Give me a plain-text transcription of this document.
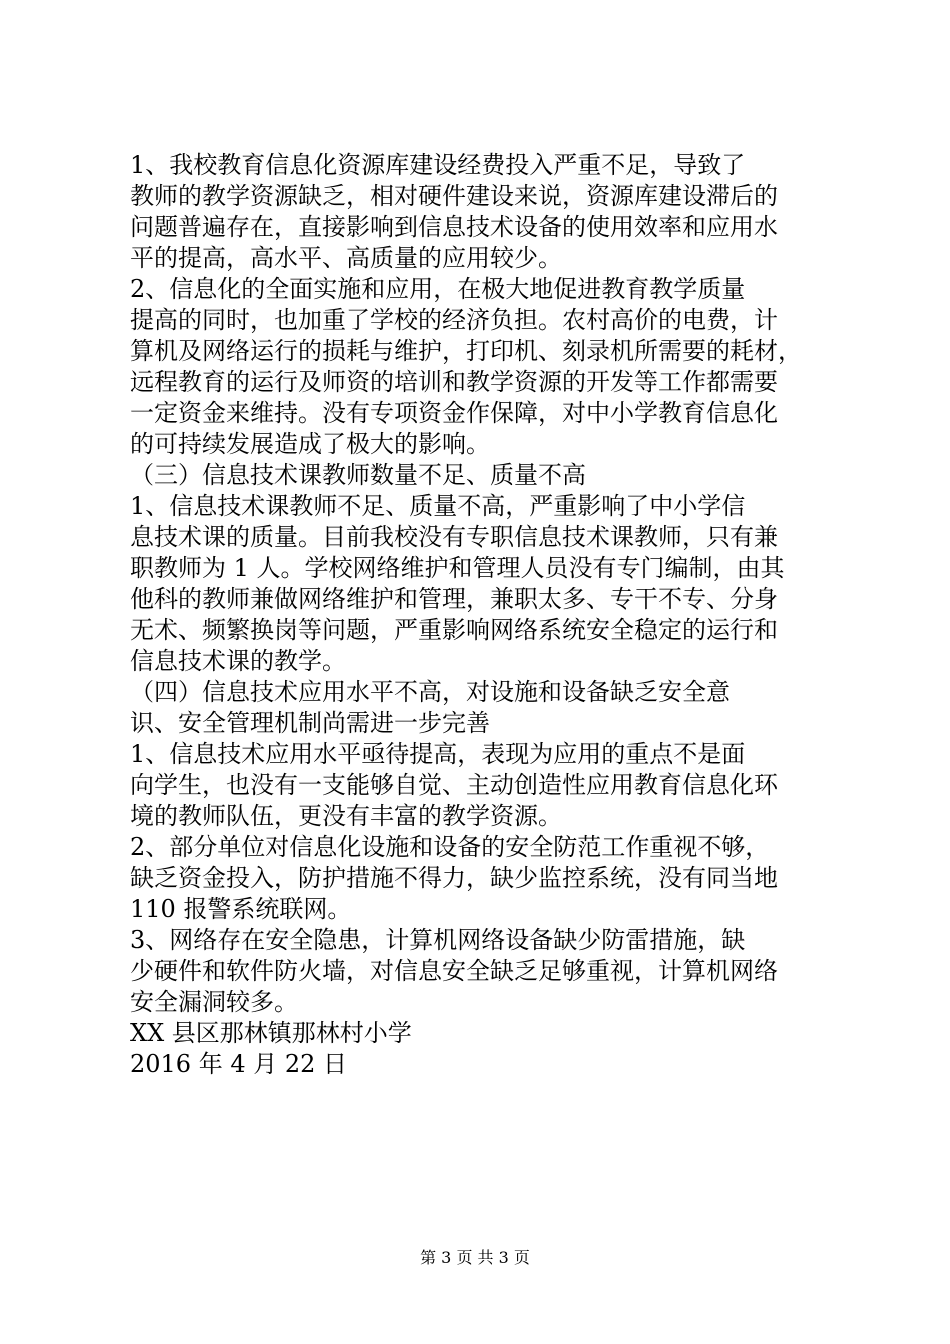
1、我校教育信息化资源库建设经费投入严重不足，导致了
教师的教学资源缺乏，相对硬件建设来说，资源库建设滞后的
问题普遍存在，直接影响到信息技术设备的使用效率和应用水
平的提高，高水平、高质量的应用较少。
2、信息化的全面实施和应用，在极大地促进教育教学质量
提高的同时，也加重了学校的经济负担。农村高价的电费，计
算机及网络运行的损耗与维护，打印机、刻录机所需要的耗材，
远程教育的运行及师资的培训和教学资源的开发等工作都需要
一定资金来维持。没有专项资金作保障，对中小学教育信息化
的可持续发展造成了极大的影响。
（三）信息技术课教师数量不足、质量不高
1、信息技术课教师不足、质量不高，严重影响了中小学信
息技术课的质量。目前我校没有专职信息技术课教师，只有兼
职教师为 1 人。学校网络维护和管理人员没有专门编制，由其
他科的教师兼做网络维护和管理，兼职太多、专干不专、分身
无术、频繁换岗等问题，严重影响网络系统安全稳定的运行和
信息技术课的教学。
（四）信息技术应用水平不高，对设施和设备缺乏安全意
识、安全管理机制尚需进一步完善
1、信息技术应用水平亟待提高，表现为应用的重点不是面
向学生，也没有一支能够自觉、主动创造性应用教育信息化环
境的教师队伍，更没有丰富的教学资源。
2、部分单位对信息化设施和设备的安全防范工作重视不够，
缺乏资金投入，防护措施不得力，缺少监控系统，没有同当地
110 报警系统联网。
3、网络存在安全隐患，计算机网络设备缺少防雷措施，缺
少硬件和软件防火墙，对信息安全缺乏足够重视，计算机网络
安全漏洞较多。
XX 县区那林镇那林村小学
2016 年 4 月 22 日
第 3 页 共 3 页
